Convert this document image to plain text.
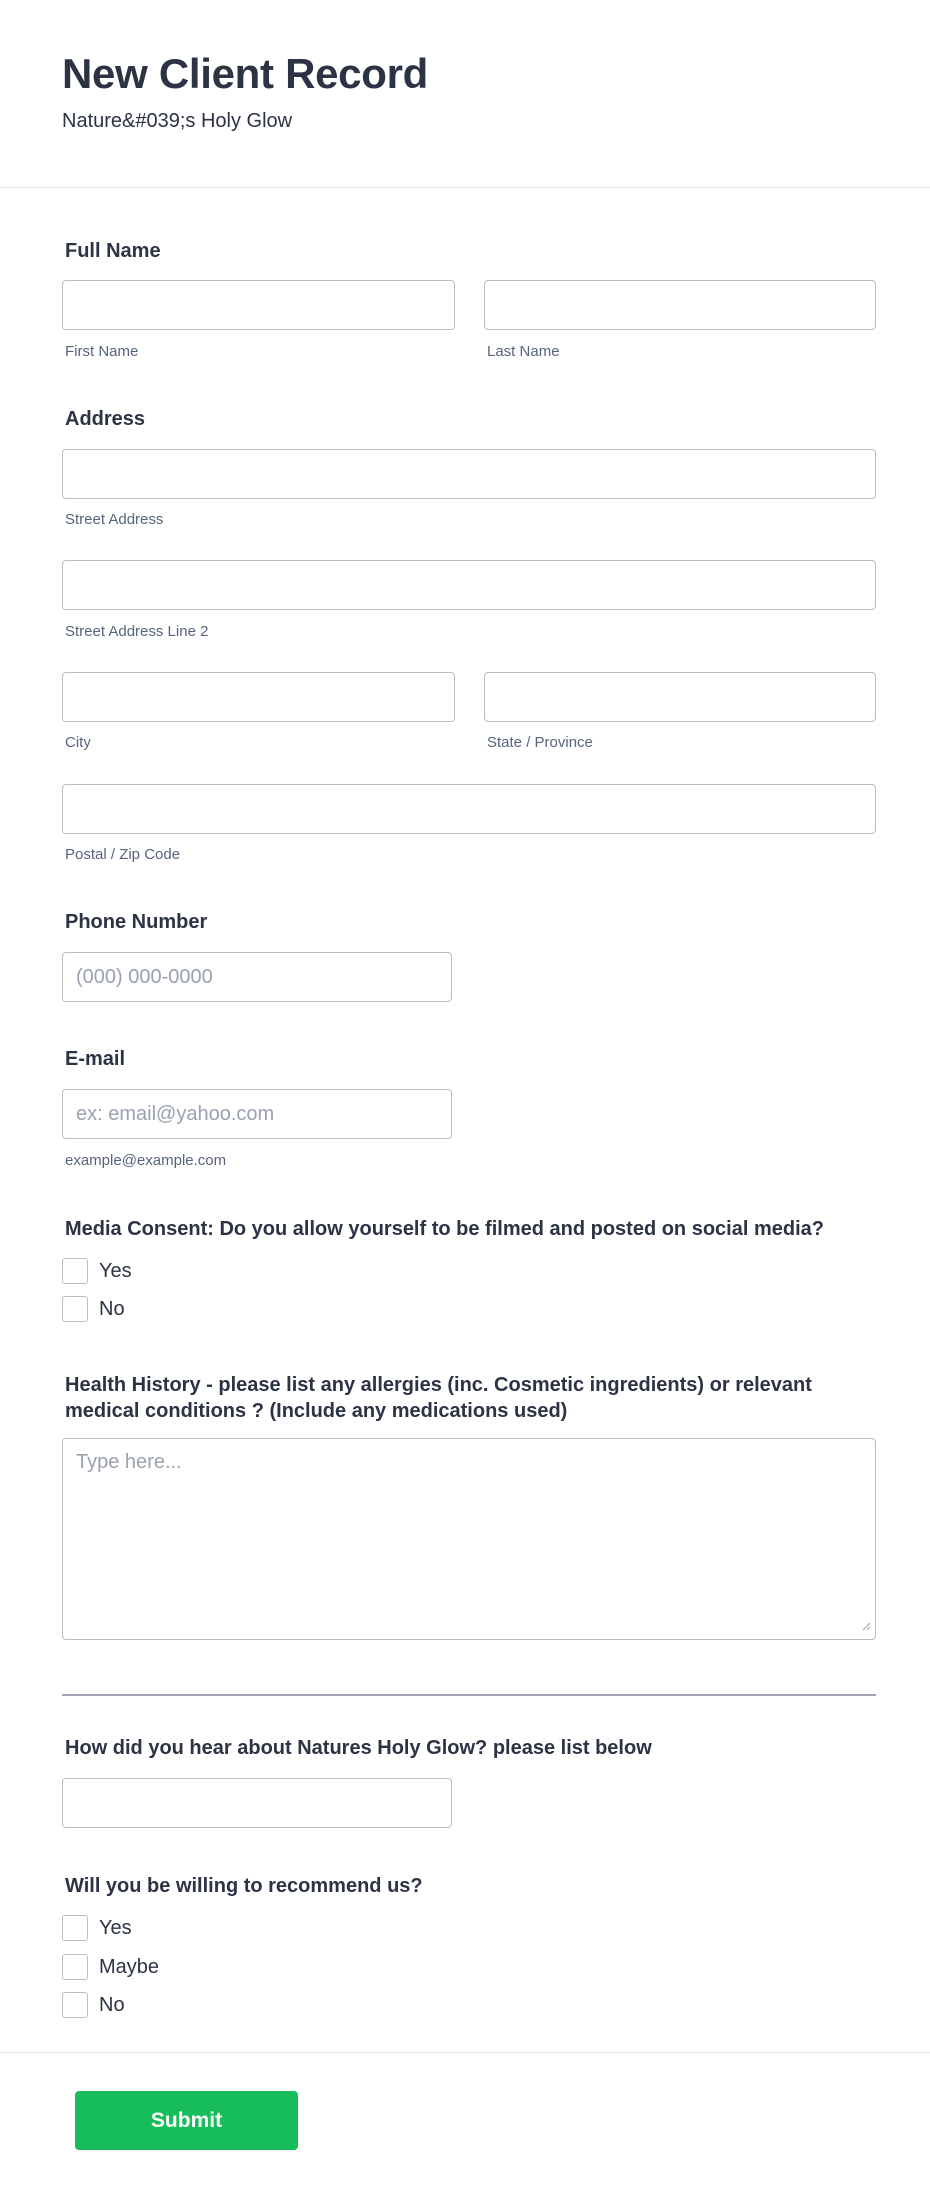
New Client Record
Nature&#039;s Holy Glow
Full Name
First Name	Last Name
Address
Street Address
Street Address Line 2
City	State / Province
Postal / Zip Code
Phone Number
(000) 000-0000
E-mail
ex: email@yahoo.com
example@example.com
Media Consent: Do you allow yourself to be filmed and posted on social media?
Yes
No
Health History - please list any allergies (inc. Cosmetic ingredients) or relevant medical conditions ? (Include any medications used)
Type here...
How did you hear about Natures Holy Glow? please list below
Will you be willing to recommend us?
Yes
Maybe
No
Submit
